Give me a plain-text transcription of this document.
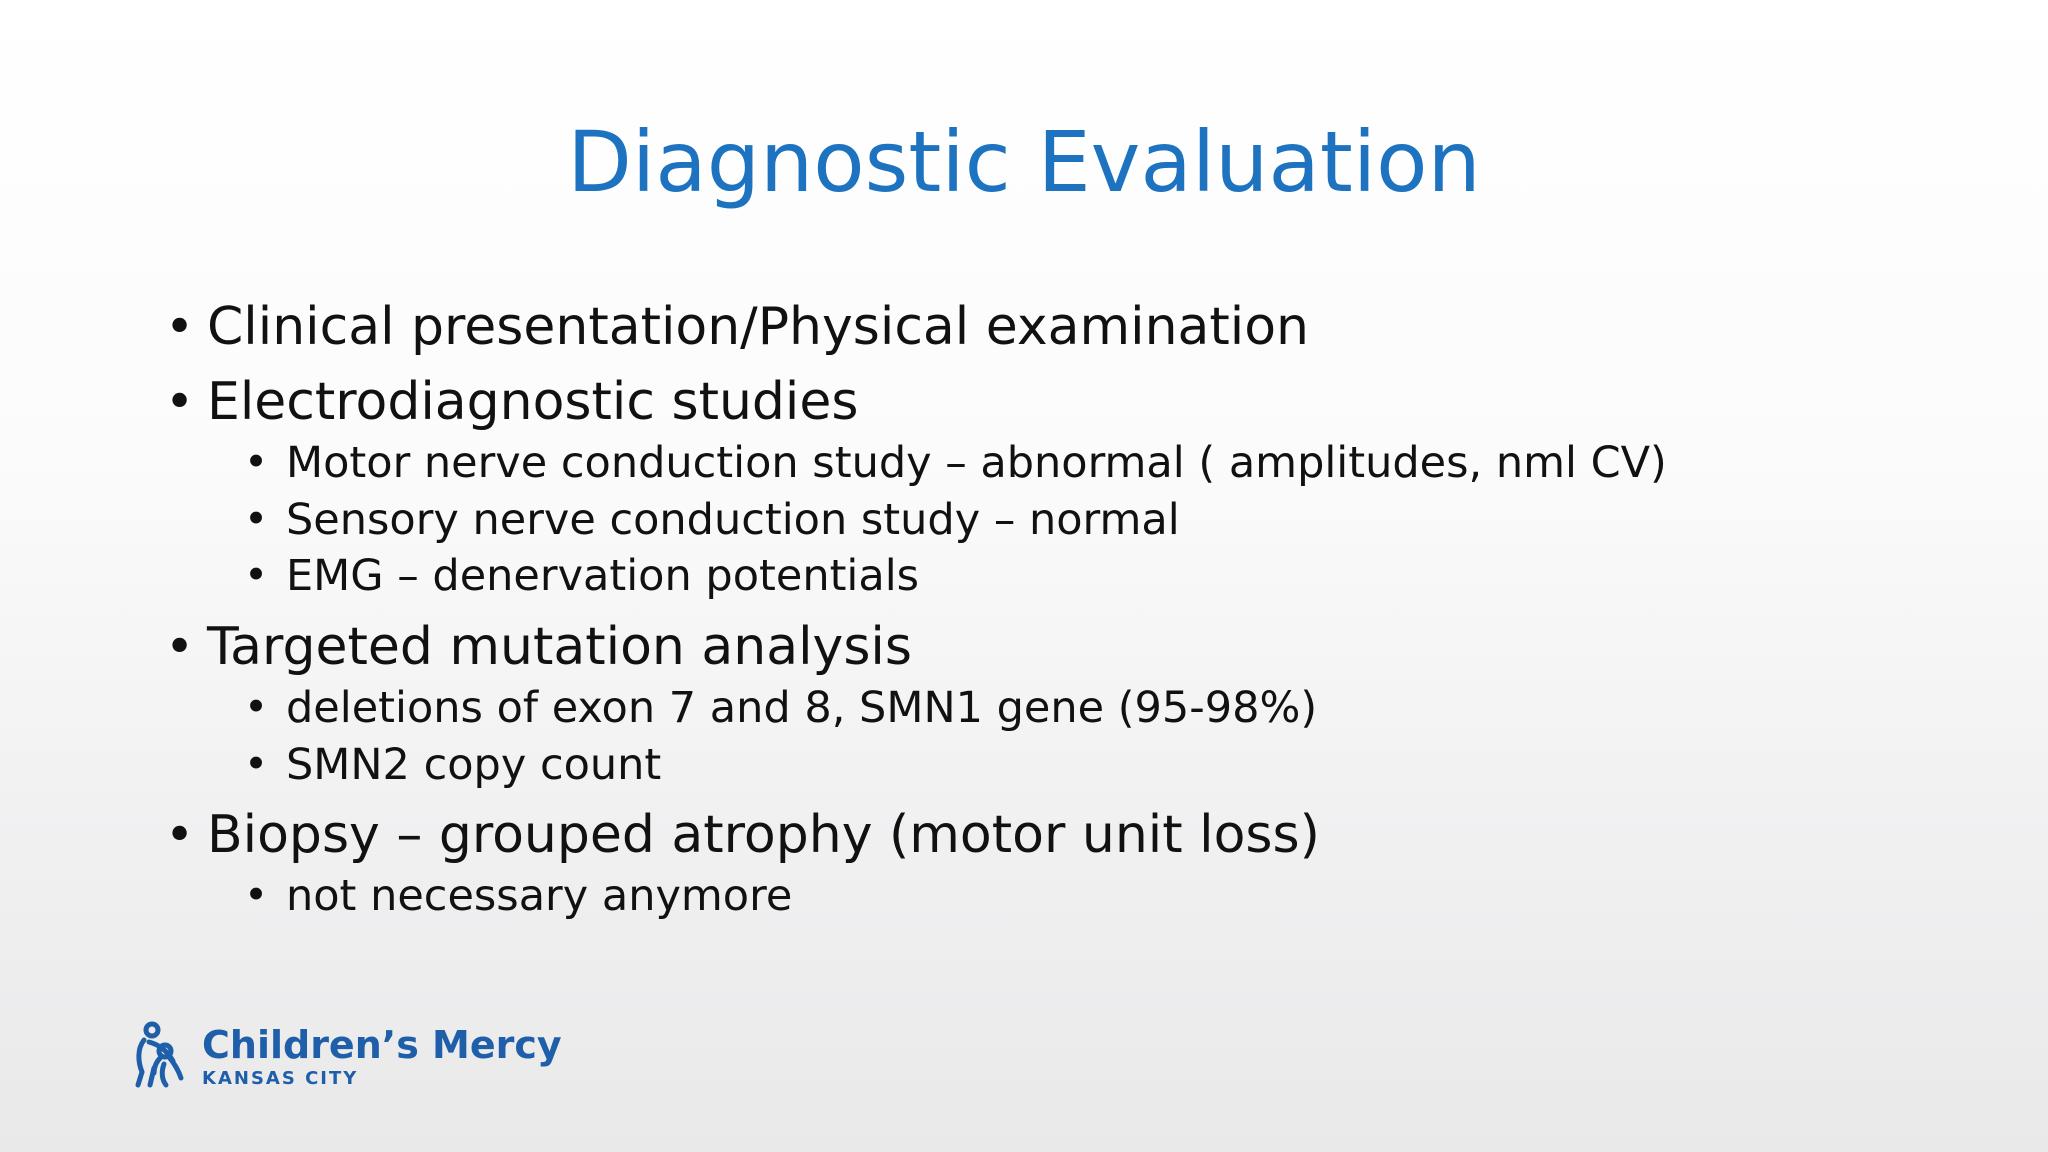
Diagnostic Evaluation
• Clinical presentation/Physical examination
• Electrodiagnostic studies
• Motor nerve conduction study – abnormal ( amplitudes, nml CV)
• Sensory nerve conduction study – normal
• EMG – denervation potentials
• Targeted mutation analysis
• deletions of exon 7 and 8, SMN1 gene (95-98%)
• SMN2 copy count
• Biopsy – grouped atrophy (motor unit loss)
• not necessary anymore
Children’s Mercy
KANSAS CITY
